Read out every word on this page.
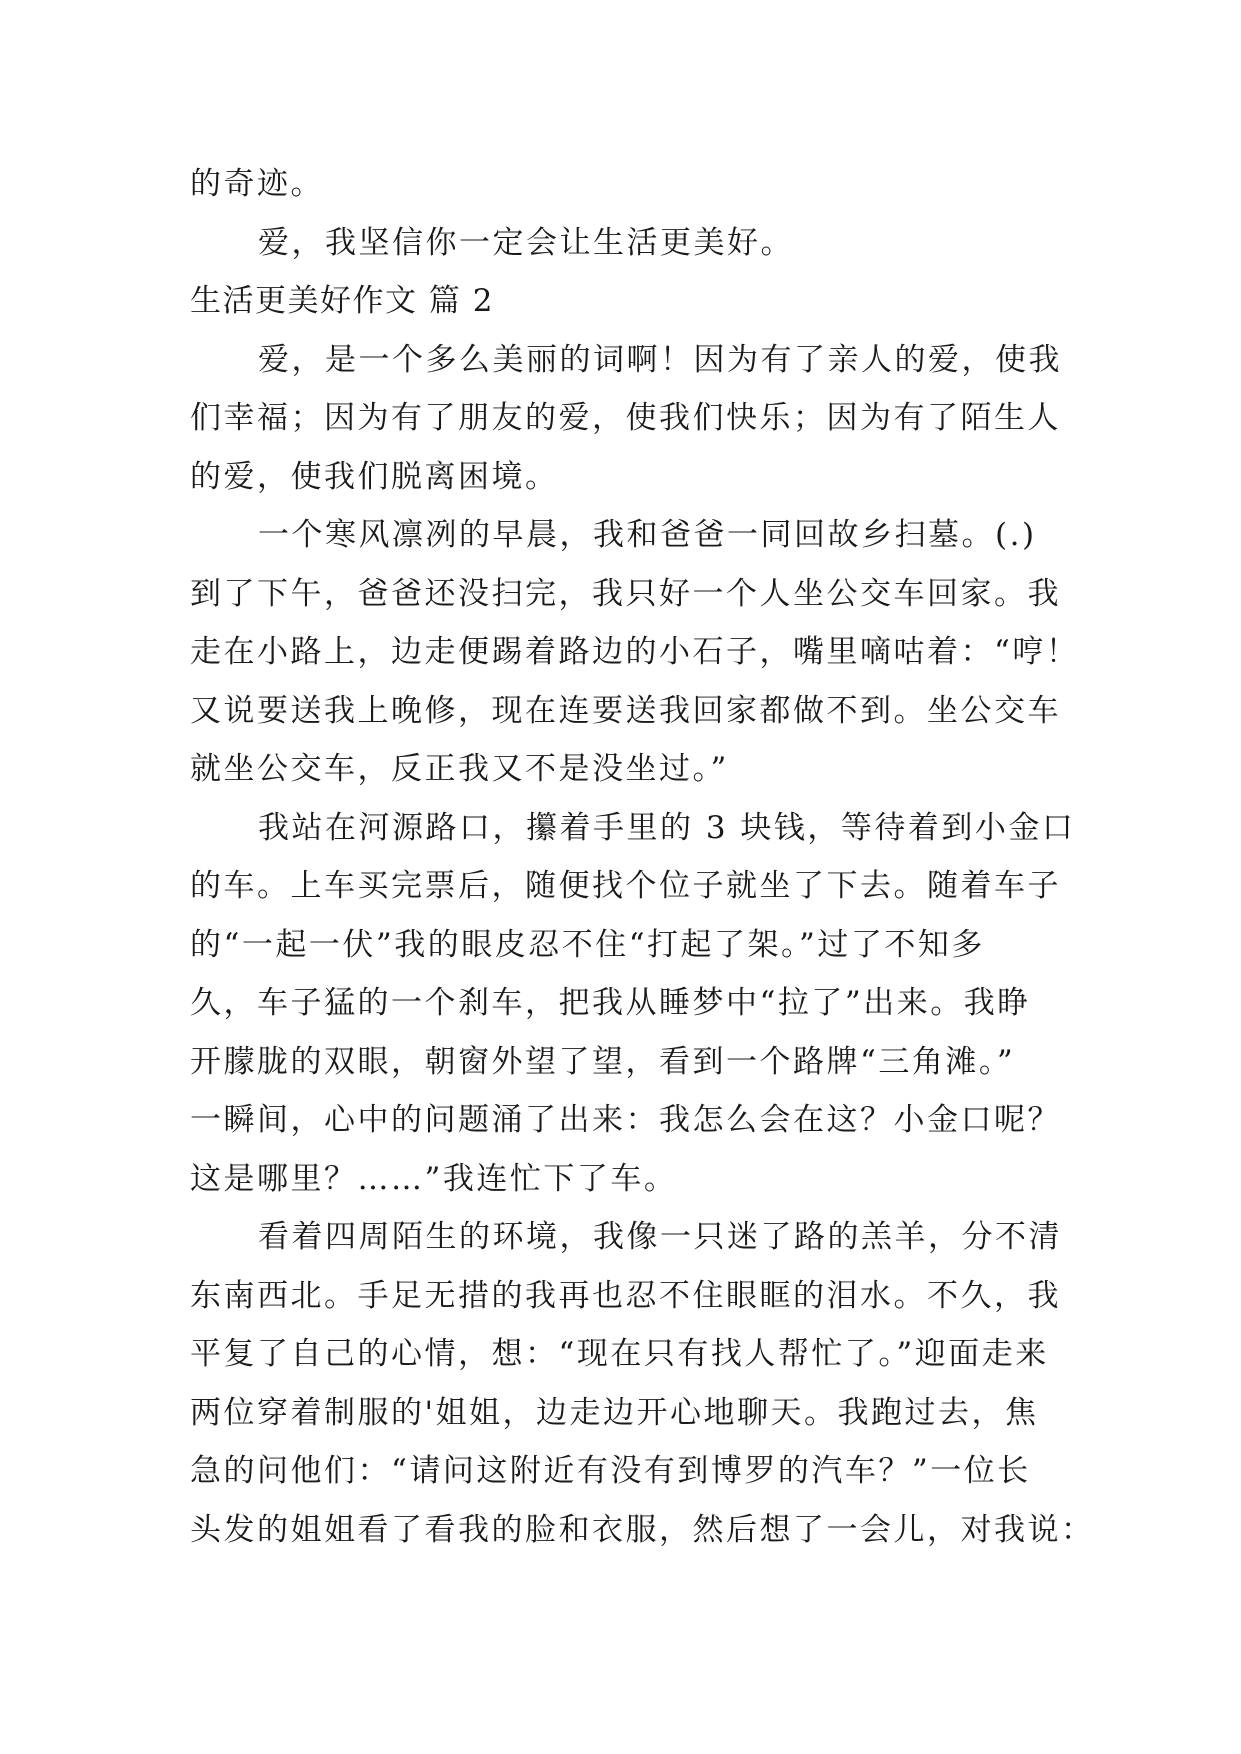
的奇迹。
爱，我坚信你一定会让生活更美好。
生活更美好作文 篇 2
爱，是一个多么美丽的词啊！因为有了亲人的爱，使我
们幸福；因为有了朋友的爱，使我们快乐；因为有了陌生人
的爱，使我们脱离困境。
一个寒风凛冽的早晨，我和爸爸一同回故乡扫墓。(.)
到了下午，爸爸还没扫完，我只好一个人坐公交车回家。我
走在小路上，边走便踢着路边的小石子，嘴里嘀咕着：“哼！
又说要送我上晚修，现在连要送我回家都做不到。坐公交车
就坐公交车，反正我又不是没坐过。”
我站在河源路口，攥着手里的 3 块钱，等待着到小金口
的车。上车买完票后，随便找个位子就坐了下去。随着车子
的“一起一伏”我的眼皮忍不住“打起了架。”过了不知多
久，车子猛的一个刹车，把我从睡梦中“拉了”出来。我睁
开朦胧的双眼，朝窗外望了望，看到一个路牌“三角滩。”
一瞬间，心中的问题涌了出来：我怎么会在这？小金口呢？
这是哪里？……”我连忙下了车。
看着四周陌生的环境，我像一只迷了路的羔羊，分不清
东南西北。手足无措的我再也忍不住眼眶的泪水。不久，我
平复了自己的心情，想：“现在只有找人帮忙了。”迎面走来
两位穿着制服的'姐姐，边走边开心地聊天。我跑过去，焦
急的问他们：“请问这附近有没有到博罗的汽车？”一位长
头发的姐姐看了看我的脸和衣服，然后想了一会儿，对我说：
